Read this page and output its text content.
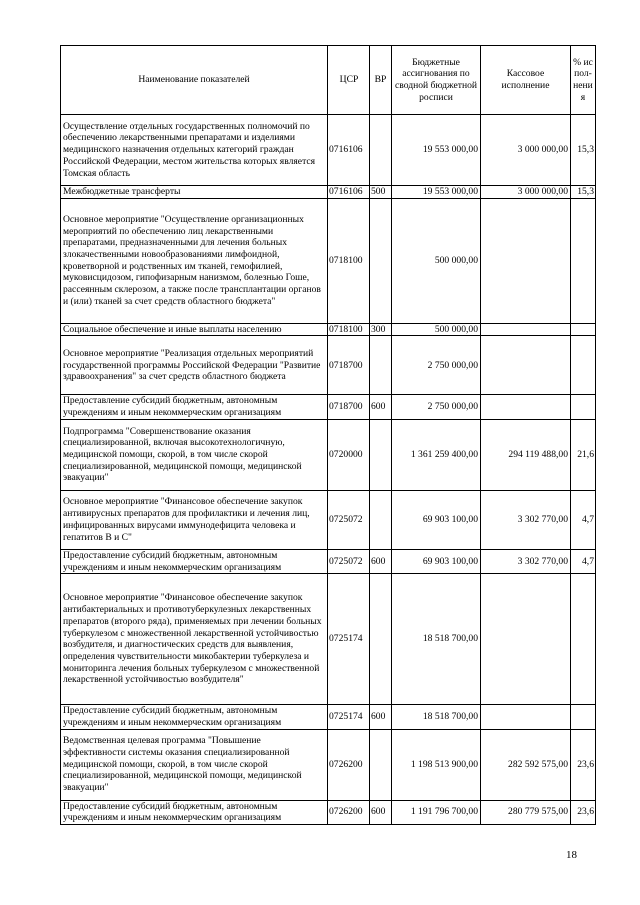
Наименование показателей	ЦСР	ВР	Бюджетные ассигнования по сводной бюджетной росписи	Кассовое исполнение	% испол-нения
Осуществление отдельных государственных полномочий по обеспечению лекарственными препаратами и изделиями медицинского назначения отдельных категорий граждан Российской Федерации, местом жительства которых является Томская область	0716106		19 553 000,00	3 000 000,00	15,3
Межбюджетные трансферты	0716106	500	19 553 000,00	3 000 000,00	15,3
Основное мероприятие "Осуществление организационных мероприятий по обеспечению лиц лекарственными препаратами, предназначенными для лечения больных злокачественными новообразованиями лимфоидной, кроветворной и родственных им тканей, гемофилией, муковисцидозом, гипофизарным нанизмом, болезнью Гоше, рассеянным склерозом, а также после трансплантации органов и (или) тканей за счет средств областного бюджета"	0718100		500 000,00		
Социальное обеспечение и иные выплаты населению	0718100	300	500 000,00		
Основное мероприятие "Реализация отдельных мероприятий государственной программы Российской Федерации "Развитие здравоохранения" за счет средств областного бюджета	0718700		2 750 000,00		
Предоставление субсидий бюджетным, автономным учреждениям и иным некоммерческим организациям	0718700	600	2 750 000,00		
Подпрограмма "Совершенствование оказания специализированной, включая высокотехнологичную, медицинской помощи, скорой, в том числе скорой специализированной, медицинской помощи, медицинской эвакуации"	0720000		1 361 259 400,00	294 119 488,00	21,6
Основное мероприятие "Финансовое обеспечение закупок антивирусных препаратов для профилактики и лечения лиц, инфицированных вирусами иммунодефицита человека и гепатитов В и С"	0725072		69 903 100,00	3 302 770,00	4,7
Предоставление субсидий бюджетным, автономным учреждениям и иным некоммерческим организациям	0725072	600	69 903 100,00	3 302 770,00	4,7
Основное мероприятие "Финансовое обеспечение закупок антибактериальных и противотуберкулезных лекарственных препаратов (второго ряда), применяемых при лечении больных туберкулезом с множественной лекарственной устойчивостью возбудителя, и диагностических средств для выявления, определения чувствительности микобактерии туберкулеза и мониторинга лечения больных туберкулезом с множественной лекарственной устойчивостью возбудителя"	0725174		18 518 700,00		
Предоставление субсидий бюджетным, автономным учреждениям и иным некоммерческим организациям	0725174	600	18 518 700,00		
Ведомственная целевая программа "Повышение эффективности системы оказания специализированной медицинской помощи, скорой, в том числе скорой специализированной, медицинской помощи, медицинской эвакуации"	0726200		1 198 513 900,00	282 592 575,00	23,6
Предоставление субсидий бюджетным, автономным учреждениям и иным некоммерческим организациям	0726200	600	1 191 796 700,00	280 779 575,00	23,6
18
